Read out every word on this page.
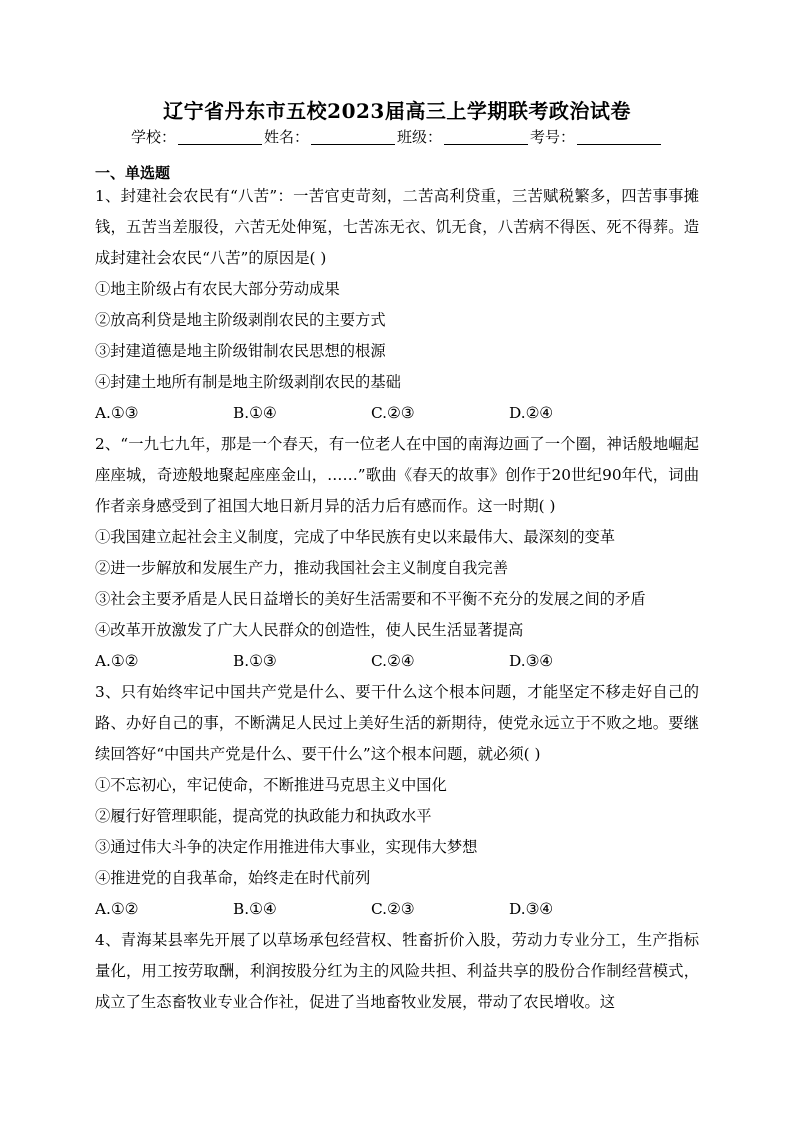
辽宁省丹东市五校2023届高三上学期联考政治试卷
学校：	姓名：	班级：	考号：
一、单选题

1、封建社会农民有“八苦”：一苦官吏苛刻，二苦高利贷重，三苦赋税繁多，四苦事事摊钱，五苦当差服役，六苦无处伸冤，七苦冻无衣、饥无食，八苦病不得医、死不得葬。造成封建社会农民“八苦”的原因是( )

①地主阶级占有农民大部分劳动成果

②放高利贷是地主阶级剥削农民的主要方式

③封建道德是地主阶级钳制农民思想的根源

④封建土地所有制是地主阶级剥削农民的基础

A.①③	B.①④	C.②③	D.②④

2、“一九七九年，那是一个春天，有一位老人在中国的南海边画了一个圈，神话般地崛起座座城，奇迹般地聚起座座金山，……”歌曲《春天的故事》创作于20世纪90年代，词曲作者亲身感受到了祖国大地日新月异的活力后有感而作。这一时期( )

①我国建立起社会主义制度，完成了中华民族有史以来最伟大、最深刻的变革

②进一步解放和发展生产力，推动我国社会主义制度自我完善

③社会主要矛盾是人民日益增长的美好生活需要和不平衡不充分的发展之间的矛盾

④改革开放激发了广大人民群众的创造性，使人民生活显著提高

A.①②	B.①③	C.②④	D.③④

3、只有始终牢记中国共产党是什么、要干什么这个根本问题，才能坚定不移走好自己的路、办好自己的事，不断满足人民过上美好生活的新期待，使党永远立于不败之地。要继续回答好“中国共产党是什么、要干什么”这个根本问题，就必须( )

①不忘初心，牢记使命，不断推进马克思主义中国化

②履行好管理职能，提高党的执政能力和执政水平

③通过伟大斗争的决定作用推进伟大事业，实现伟大梦想

④推进党的自我革命，始终走在时代前列

A.①②	B.①④	C.②③	D.③④

4、青海某县率先开展了以草场承包经营权、牲畜折价入股，劳动力专业分工，生产指标量化，用工按劳取酬，利润按股分红为主的风险共担、利益共享的股份合作制经营模式，成立了生态畜牧业专业合作社，促进了当地畜牧业发展，带动了农民增收。这
